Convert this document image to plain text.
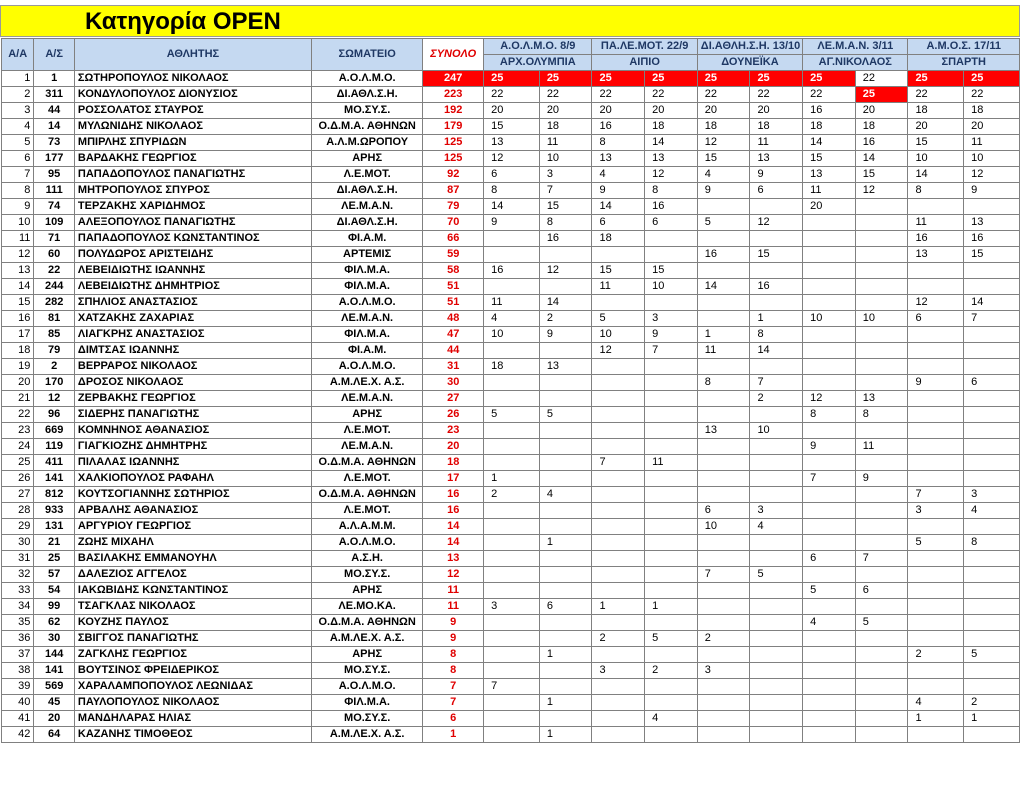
Κατηγορία OPEN
Α/Α	Α/Σ	ΑΘΛΗΤΗΣ	ΣΩΜΑΤΕΙΟ	ΣΥΝΟΛΟ	Α.Ο.Λ.Μ.Ο. 8/9		ΠΑ.ΛΕ.ΜΟΤ. 22/9		ΔΙ.ΑΘΛΗ.Σ.Η. 13/10		ΛΕ.Μ.Α.Ν. 3/11		Α.Μ.Ο.Σ. 17/11	
					ΑΡΧ.ΟΛΥΜΠΙΑ		ΑΙΠΙΟ		ΔΟΥΝΕΪΚΑ		ΑΓ.ΝΙΚΟΛΑΟΣ		ΣΠΑΡΤΗ	
1	1	ΣΩΤΗΡΟΠΟΥΛΟΣ ΝΙΚΟΛΑΟΣ	Α.Ο.Λ.Μ.Ο.	247	25	25	25	25	25	25	25	22	25	25
2	311	ΚΟΝΔΥΛΟΠΟΥΛΟΣ ΔΙΟΝΥΣΙΟΣ	ΔΙ.ΑΘΛ.Σ.Η.	223	22	22	22	22	22	22	22	25	22	22
3	44	ΡΟΣΣΟΛΑΤΟΣ ΣΤΑΥΡΟΣ	ΜΟ.ΣΥ.Σ.	192	20	20	20	20	20	20	16	20	18	18
4	14	ΜΥΛΩΝΙΔΗΣ ΝΙΚΟΛΑΟΣ	Ο.Δ.Μ.Α. ΑΘΗΝΩΝ	179	15	18	16	18	18	18	18	18	20	20
5	73	ΜΠΙΡΛΗΣ ΣΠΥΡΙΔΩΝ	Α.Λ.Μ.ΩΡΟΠΟΥ	125	13	11	8	14	12	11	14	16	15	11
6	177	ΒΑΡΔΑΚΗΣ ΓΕΩΡΓΙΟΣ	ΑΡΗΣ	125	12	10	13	13	15	13	15	14	10	10
7	95	ΠΑΠΑΔΟΠΟΥΛΟΣ ΠΑΝΑΓΙΩΤΗΣ	Λ.Ε.ΜΟΤ.	92	6	3	4	12	4	9	13	15	14	12
8	111	ΜΗΤΡΟΠΟΥΛΟΣ ΣΠΥΡΟΣ	ΔΙ.ΑΘΛ.Σ.Η.	87	8	7	9	8	9	6	11	12	8	9
9	74	ΤΕΡΖΑΚΗΣ ΧΑΡΙΔΗΜΟΣ	ΛΕ.Μ.Α.Ν.	79	14	15	14	16			20			
10	109	ΑΛΕΞΟΠΟΥΛΟΣ ΠΑΝΑΓΙΩΤΗΣ	ΔΙ.ΑΘΛ.Σ.Η.	70	9	8	6	6	5	12			11	13
11	71	ΠΑΠΑΔΟΠΟΥΛΟΣ ΚΩΝΣΤΑΝΤΙΝΟΣ	ΦΙ.Α.Μ.	66		16	18						16	16
12	60	ΠΟΛΥΔΩΡΟΣ ΑΡΙΣΤΕΙΔΗΣ	ΑΡΤΕΜΙΣ	59					16	15			13	15
13	22	ΛΕΒΕΙΔΙΩΤΗΣ ΙΩΑΝΝΗΣ	ΦΙΛ.Μ.Α.	58	16	12	15	15						
14	244	ΛΕΒΕΙΔΙΩΤΗΣ ΔΗΜΗΤΡΙΟΣ	ΦΙΛ.Μ.Α.	51			11	10	14	16				
15	282	ΣΠΗΛΙΟΣ ΑΝΑΣΤΑΣΙΟΣ	Α.Ο.Λ.Μ.Ο.	51	11	14							12	14
16	81	ΧΑΤΖΑΚΗΣ ΖΑΧΑΡΙΑΣ	ΛΕ.Μ.Α.Ν.	48	4	2	5	3		1	10	10	6	7
17	85	ΛΙΑΓΚΡΗΣ ΑΝΑΣΤΑΣΙΟΣ	ΦΙΛ.Μ.Α.	47	10	9	10	9	1	8				
18	79	ΔΙΜΤΣΑΣ ΙΩΑΝΝΗΣ	ΦΙ.Α.Μ.	44			12	7	11	14				
19	2	ΒΕΡΡΑΡΟΣ ΝΙΚΟΛΑΟΣ	Α.Ο.Λ.Μ.Ο.	31	18	13								
20	170	ΔΡΟΣΟΣ ΝΙΚΟΛΑΟΣ	Α.Μ.ΛΕ.Χ. Α.Σ.	30					8	7			9	6
21	12	ΖΕΡΒΑΚΗΣ ΓΕΩΡΓΙΟΣ	ΛΕ.Μ.Α.Ν.	27						2	12	13		
22	96	ΣΙΔΕΡΗΣ ΠΑΝΑΓΙΩΤΗΣ	ΑΡΗΣ	26	5	5					8	8		
23	669	ΚΟΜΝΗΝΟΣ ΑΘΑΝΑΣΙΟΣ	Λ.Ε.ΜΟΤ.	23					13	10				
24	119	ΓΙΑΓΚΙΟΖΗΣ ΔΗΜΗΤΡΗΣ	ΛΕ.Μ.Α.Ν.	20							9	11		
25	411	ΠΙΛΑΛΑΣ ΙΩΑΝΝΗΣ	Ο.Δ.Μ.Α. ΑΘΗΝΩΝ	18			7	11						
26	141	ΧΑΛΚΙΟΠΟΥΛΟΣ ΡΑΦΑΗΛ	Λ.Ε.ΜΟΤ.	17	1						7	9		
27	812	ΚΟΥΤΣΟΓΙΑΝΝΗΣ ΣΩΤΗΡΙΟΣ	Ο.Δ.Μ.Α. ΑΘΗΝΩΝ	16	2	4							7	3
28	933	ΑΡΒΑΛΗΣ ΑΘΑΝΑΣΙΟΣ	Λ.Ε.ΜΟΤ.	16					6	3			3	4
29	131	ΑΡΓΥΡΙΟΥ ΓΕΩΡΓΙΟΣ	Α.Λ.Α.Μ.Μ.	14					10	4				
30	21	ΖΩΗΣ ΜΙΧΑΗΛ	Α.Ο.Λ.Μ.Ο.	14		1							5	8
31	25	ΒΑΣΙΛΑΚΗΣ ΕΜΜΑΝΟΥΗΛ	Α.Σ.Η.	13							6	7		
32	57	ΔΑΛΕΖΙΟΣ ΑΓΓΕΛΟΣ	ΜΟ.ΣΥ.Σ.	12					7	5				
33	54	ΙΑΚΩΒΙΔΗΣ ΚΩΝΣΤΑΝΤΙΝΟΣ	ΑΡΗΣ	11							5	6		
34	99	ΤΣΑΓΚΛΑΣ ΝΙΚΟΛΑΟΣ	ΛΕ.ΜΟ.ΚΑ.	11	3	6	1	1						
35	62	ΚΟΥΖΗΣ ΠΑΥΛΟΣ	Ο.Δ.Μ.Α. ΑΘΗΝΩΝ	9							4	5		
36	30	ΣΒΙΓΓΟΣ ΠΑΝΑΓΙΩΤΗΣ	Α.Μ.ΛΕ.Χ. Α.Σ.	9			2	5	2					
37	144	ΖΑΓΚΛΗΣ ΓΕΩΡΓΙΟΣ	ΑΡΗΣ	8		1							2	5
38	141	ΒΟΥΤΣΙΝΟΣ ΦΡΕΙΔΕΡΙΚΟΣ	ΜΟ.ΣΥ.Σ.	8			3	2	3					
39	569	ΧΑΡΑΛΑΜΠΟΠΟΥΛΟΣ ΛΕΩΝΙΔΑΣ	Α.Ο.Λ.Μ.Ο.	7	7									
40	45	ΠΑΥΛΟΠΟΥΛΟΣ ΝΙΚΟΛΑΟΣ	ΦΙΛ.Μ.Α.	7		1							4	2
41	20	ΜΑΝΔΗΛΑΡΑΣ ΗΛΙΑΣ	ΜΟ.ΣΥ.Σ.	6				4					1	1
42	64	ΚΑΖΑΝΗΣ ΤΙΜΟΘΕΟΣ	Α.Μ.ΛΕ.Χ. Α.Σ.	1		1								
